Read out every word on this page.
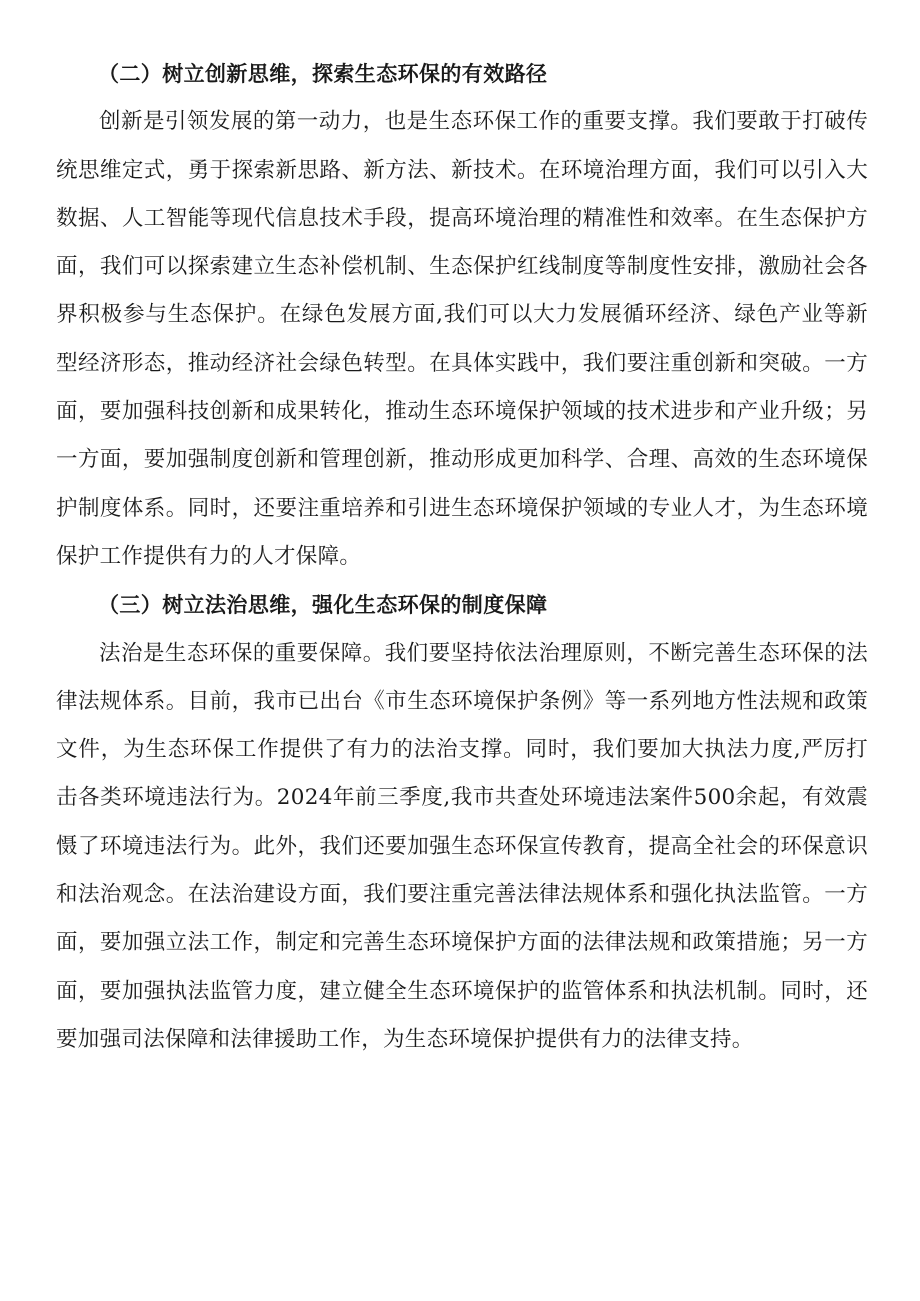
（二）树立创新思维，探索生态环保的有效路径

创新是引领发展的第一动力，也是生态环保工作的重要支撑。我们要敢于打破传统思维定式，勇于探索新思路、新方法、新技术。在环境治理方面，我们可以引入大数据、人工智能等现代信息技术手段，提高环境治理的精准性和效率。在生态保护方面，我们可以探索建立生态补偿机制、生态保护红线制度等制度性安排，激励社会各界积极参与生态保护。在绿色发展方面,我们可以大力发展循环经济、绿色产业等新型经济形态，推动经济社会绿色转型。在具体实践中，我们要注重创新和突破。一方面，要加强科技创新和成果转化，推动生态环境保护领域的技术进步和产业升级；另一方面，要加强制度创新和管理创新，推动形成更加科学、合理、高效的生态环境保护制度体系。同时，还要注重培养和引进生态环境保护领域的专业人才，为生态环境保护工作提供有力的人才保障。

（三）树立法治思维，强化生态环保的制度保障

法治是生态环保的重要保障。我们要坚持依法治理原则，不断完善生态环保的法律法规体系。目前，我市已出台《市生态环境保护条例》等一系列地方性法规和政策文件，为生态环保工作提供了有力的法治支撑。同时，我们要加大执法力度,严厉打击各类环境违法行为。2024年前三季度,我市共查处环境违法案件500余起，有效震慑了环境违法行为。此外，我们还要加强生态环保宣传教育，提高全社会的环保意识和法治观念。在法治建设方面，我们要注重完善法律法规体系和强化执法监管。一方面，要加强立法工作，制定和完善生态环境保护方面的法律法规和政策措施；另一方面，要加强执法监管力度，建立健全生态环境保护的监管体系和执法机制。同时，还要加强司法保障和法律援助工作，为生态环境保护提供有力的法律支持。
